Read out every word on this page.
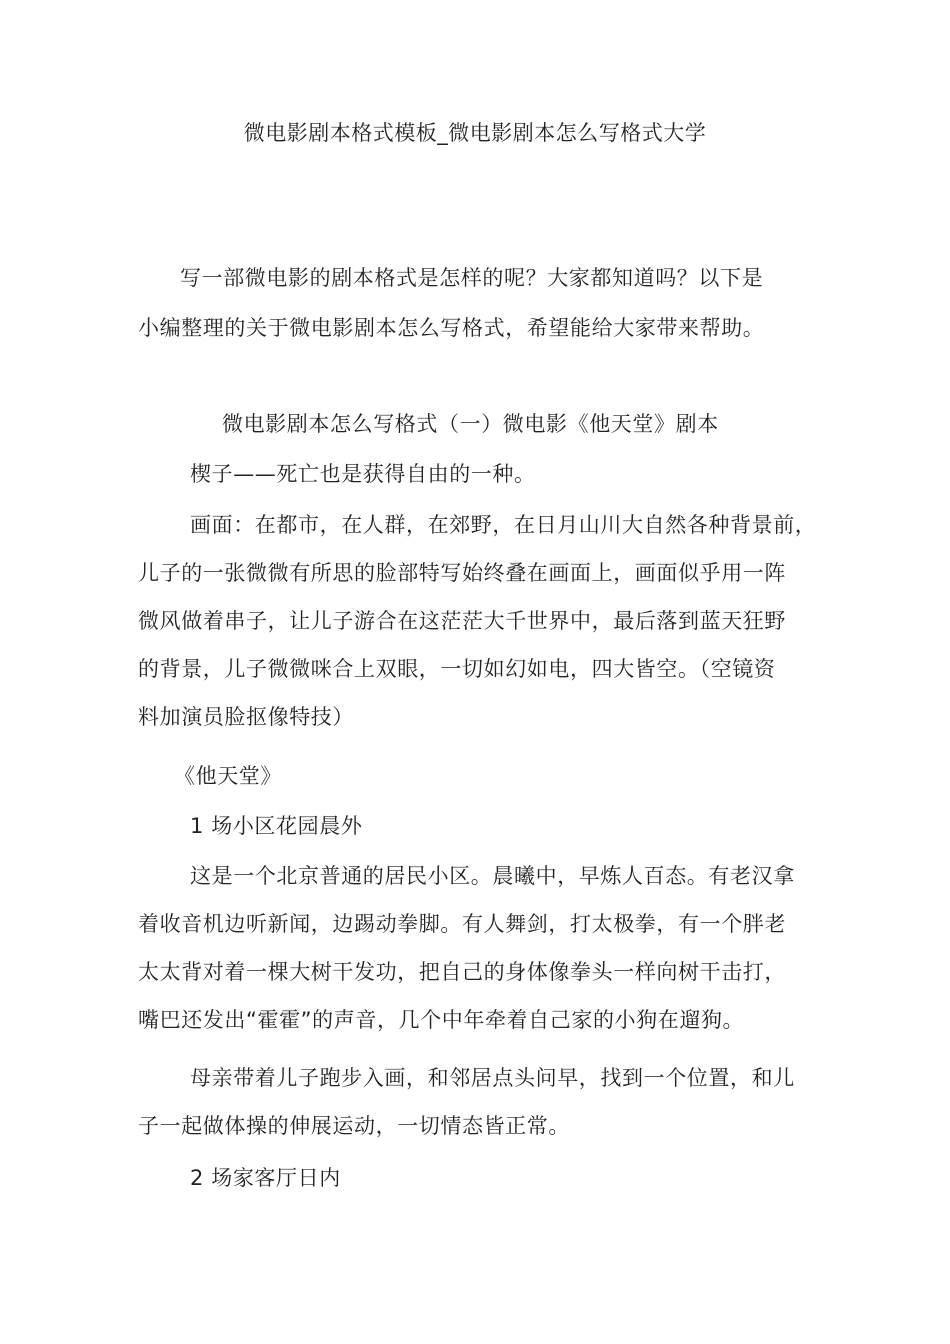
微电影剧本格式模板_微电影剧本怎么写格式大学
写一部微电影的剧本格式是怎样的呢？大家都知道吗？以下是
小编整理的关于微电影剧本怎么写格式，希望能给大家带来帮助。
微电影剧本怎么写格式（一）微电影《他天堂》剧本
楔子——死亡也是获得自由的一种。

画面：在都市，在人群，在郊野，在日月山川大自然各种背景前，

儿子的一张微微有所思的脸部特写始终叠在画面上，画面似乎用一阵

微风做着串子，让儿子游合在这茫茫大千世界中，最后落到蓝天狂野

的背景，儿子微微咪合上双眼，一切如幻如电，四大皆空。（空镜资

料加演员脸抠像特技）

《他天堂》
1 场小区花园晨外

这是一个北京普通的居民小区。晨曦中，早炼人百态。有老汉拿

着收音机边听新闻，边踢动拳脚。有人舞剑，打太极拳，有一个胖老

太太背对着一棵大树干发功，把自己的身体像拳头一样向树干击打，

嘴巴还发出“霍霍”的声音，几个中年牵着自己家的小狗在遛狗。

母亲带着儿子跑步入画，和邻居点头问早，找到一个位置，和儿

子一起做体操的伸展运动，一切情态皆正常。

2 场家客厅日内
